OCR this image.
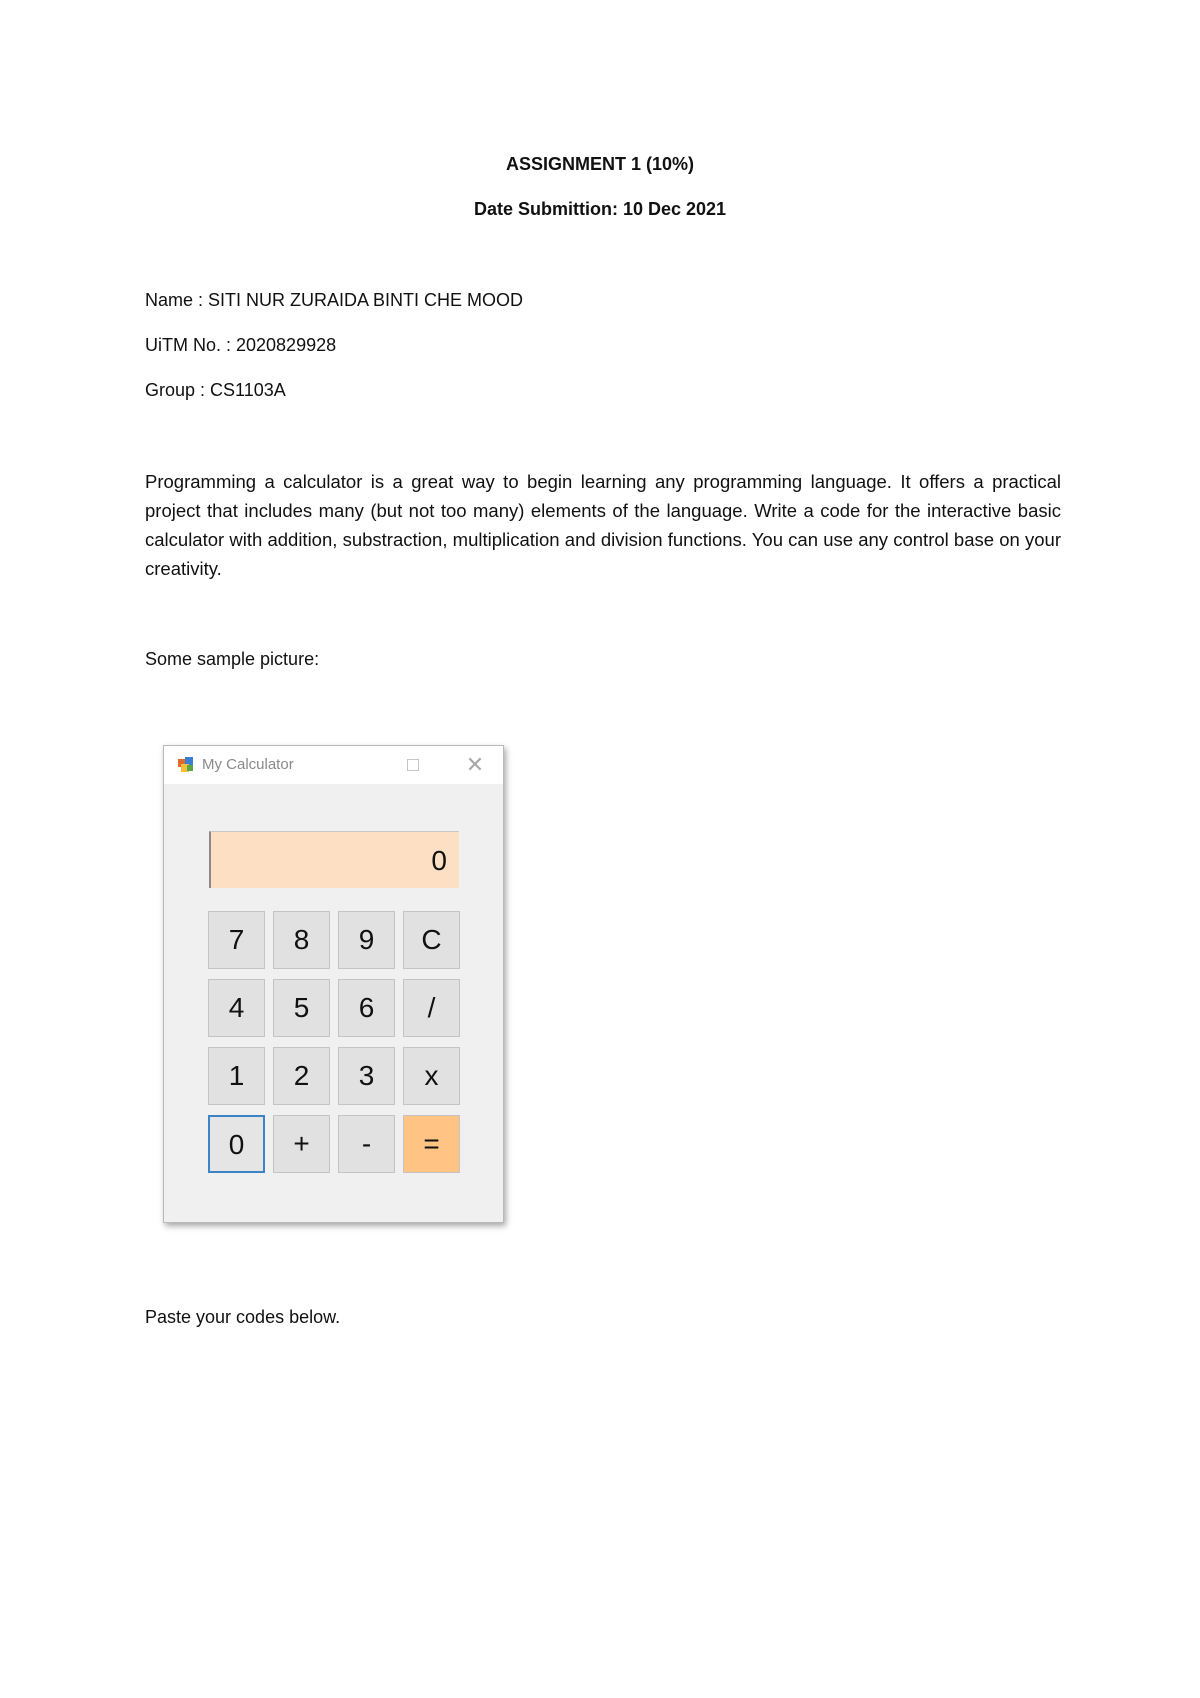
ASSIGNMENT 1 (10%)
Date Submittion: 10 Dec 2021
Name : SITI NUR ZURAIDA BINTI CHE MOOD
UiTM No. : 2020829928
Group : CS1103A

Programming a calculator is a great way to begin learning any programming language. It offers a practical project that includes many (but not too many) elements of the language. Write a code for the interactive basic calculator with addition, substraction, multiplication and division functions. You can use any control base on your creativity.

Some sample picture:
My Calculator	✕
0
7	8	9	C
4	5	6	/
1	2	3	x
0	+	-	=
Paste your codes below.
